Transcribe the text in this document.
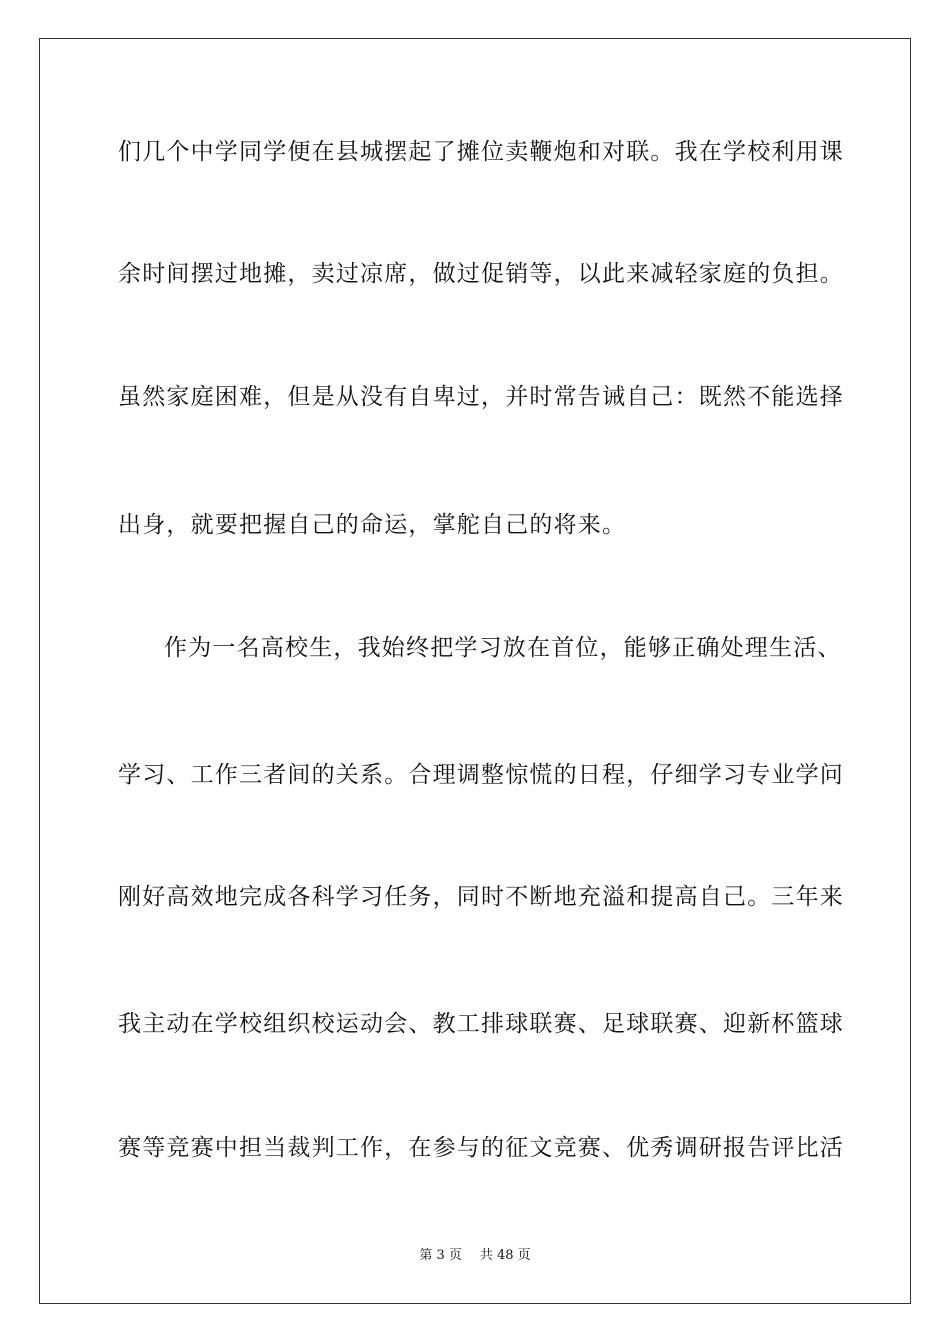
们几个中学同学便在县城摆起了摊位卖鞭炮和对联。我在学校利用课
余时间摆过地摊，卖过凉席，做过促销等，以此来减轻家庭的负担。
虽然家庭困难，但是从没有自卑过，并时常告诫自己：既然不能选择
出身，就要把握自己的命运，掌舵自己的将来。
作为一名高校生，我始终把学习放在首位，能够正确处理生活、
学习、工作三者间的关系。合理调整惊慌的日程，仔细学习专业学问
刚好高效地完成各科学习任务，同时不断地充溢和提高自己。三年来
我主动在学校组织校运动会、教工排球联赛、足球联赛、迎新杯篮球
赛等竞赛中担当裁判工作，在参与的征文竞赛、优秀调研报告评比活
第 3 页 共 48 页
